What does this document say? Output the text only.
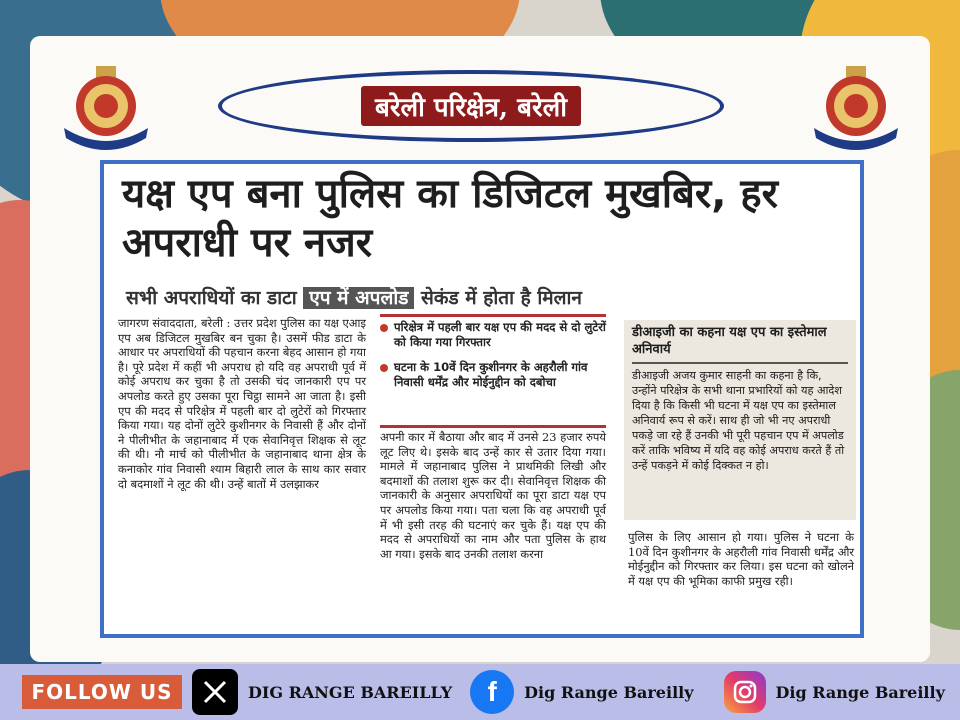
बरेली परिक्षेत्र, बरेली
यक्ष एप बना पुलिस का डिजिटल मुखबिर, हर अपराधी पर नजर
सभी अपराधियों का डाटा एप में अपलोड सेकंड में होता है मिलान
जागरण संवाददाता, बरेली : उत्तर प्रदेश पुलिस का यक्ष एआइ एप अब डिजिटल मुखबिर बन चुका है। उसमें फीड डाटा के आधार पर अपराधियों की पहचान करना बेहद आसान हो गया है। पूरे प्रदेश में कहीं भी अपराध हो यदि वह अपराधी पूर्व में कोई अपराध कर चुका है तो उसकी चंद जानकारी एप पर अपलोड करते हुए उसका पूरा चिट्ठा सामने आ जाता है। इसी एप की मदद से परिक्षेत्र में पहली बार दो लुटेरों को गिरफ्तार किया गया। यह दोनों लुटेरे कुशीनगर के निवासी हैं और दोनों ने पीलीभीत के जहानाबाद में एक सेवानिवृत्त शिक्षक से लूट की थी। नौ मार्च को पीलीभीत के जहानाबाद थाना क्षेत्र के कनाकोर गांव निवासी श्याम बिहारी लाल के साथ कार सवार दो बदमाशों ने लूट की थी। उन्हें बातों में उलझाकर
परिक्षेत्र में पहली बार यक्ष एप की मदद से दो लुटेरों को किया गया गिरफ्तार
घटना के 10वें दिन कुशीनगर के अहरौली गांव निवासी धर्मेंद्र और मोईनुद्दीन को दबोचा
अपनी कार में बैठाया और बाद में उनसे 23 हजार रुपये लूट लिए थे। इसके बाद उन्हें कार से उतार दिया गया। मामले में जहानाबाद पुलिस ने प्राथमिकी लिखी और बदमाशों की तलाश शुरू कर दी। सेवानिवृत्त शिक्षक की जानकारी के अनुसार अपराधियों का पूरा डाटा यक्ष एप पर अपलोड किया गया। पता चला कि वह अपराधी पूर्व में भी इसी तरह की घटनाएं कर चुके हैं। यक्ष एप की मदद से अपराधियों का नाम और पता पुलिस के हाथ आ गया। इसके बाद उनकी तलाश करना
डीआइजी का कहना यक्ष एप का इस्तेमाल अनिवार्य
डीआइजी अजय कुमार साहनी का कहना है कि, उन्होंने परिक्षेत्र के सभी थाना प्रभारियों को यह आदेश दिया है कि किसी भी घटना में यक्ष एप का इस्तेमाल अनिवार्य रूप से करें। साथ ही जो भी नए अपराधी पकड़े जा रहे हैं उनकी भी पूरी पहचान एप में अपलोड करें ताकि भविष्य में यदि वह कोई अपराध करते हैं तो उन्हें पकड़ने में कोई दिक्कत न हो।
पुलिस के लिए आसान हो गया। पुलिस ने घटना के 10वें दिन कुशीनगर के अहरौली गांव निवासी धर्मेंद्र और मोईनुद्दीन को गिरफ्तार कर लिया। इस घटना को खोलने में यक्ष एप की भूमिका काफी प्रमुख रही।
FOLLOW US	DIG RANGE BAREILLY f Dig Range Bareilly	Dig Range Bareilly
